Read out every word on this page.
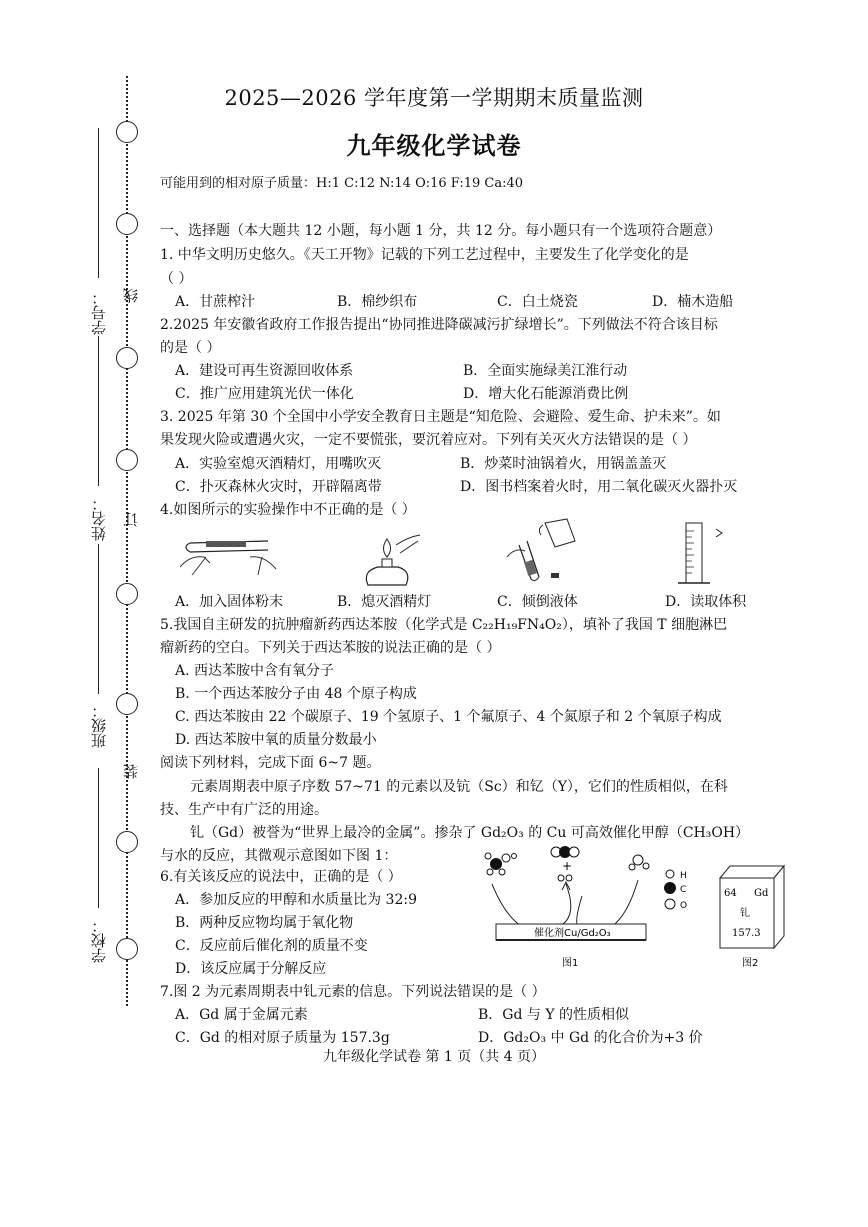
线
订
装
学号：
姓名：
班级：
学校：
2025—2026 学年度第一学期期末质量监测
九年级化学试卷
可能用到的相对原子质量：H:1 C:12 N:14 O:16 F:19 Ca:40
一、选择题（本大题共 12 小题，每小题 1 分，共 12 分。每小题只有一个选项符合题意）
1. 中华文明历史悠久。《天工开物》记载的下列工艺过程中，主要发生了化学变化的是
（ ）
A．甘蔗榨汁	B．棉纱织布	C．白土烧瓷	D．楠木造船
2.2025 年安徽省政府工作报告提出“协同推进降碳减污扩绿增长”。下列做法不符合该目标
的是（ ）
A．建设可再生资源回收体系	B．全面实施绿美江淮行动
C．推广应用建筑光伏一体化	D．增大化石能源消费比例
3. 2025 年第 30 个全国中小学安全教育日主题是“知危险、会避险、爱生命、护未来”。如
果发现火险或遭遇火灾，一定不要慌张，要沉着应对。下列有关灭火方法错误的是（ ）
A．实验室熄灭酒精灯，用嘴吹灭	B．炒菜时油锅着火，用锅盖盖灭
C．扑灭森林火灾时，开辟隔离带	D．图书档案着火时，用二氧化碳灭火器扑灭
4.如图所示的实验操作中不正确的是（ ）
A．加入固体粉末	B．熄灭酒精灯	C．倾倒液体	D．读取体积
5.我国自主研发的抗肿瘤新药西达苯胺（化学式是 C₂₂H₁₉FN₄O₂），填补了我国 T 细胞淋巴
瘤新药的空白。下列关于西达苯胺的说法正确的是（ ）
A. 西达苯胺中含有氧分子
B. 一个西达苯胺分子由 48 个原子构成
C. 西达苯胺由 22 个碳原子、19 个氢原子、1 个氟原子、4 个氮原子和 2 个氧原子构成
D. 西达苯胺中氧的质量分数最小
阅读下列材料，完成下面 6~7 题。
元素周期表中原子序数 57~71 的元素以及钪（Sc）和钇（Y），它们的性质相似，在科
技、生产中有广泛的用途。
钆（Gd）被誉为“世界上最冷的金属”。掺杂了 Gd₂O₃ 的 Cu 可高效催化甲醇（CH₃OH）
与水的反应，其微观示意图如下图 1：
6.有关该反应的说法中，正确的是（ ）
A．参加反应的甲醇和水质量比为 32:9
B．两种反应物均属于氧化物
C．反应前后催化剂的质量不变
D．该反应属于分解反应
+
催化剂Cu/Gd₂O₃
图1
H
C
O
64 Gd
钆
157.3
图2
7.图 2 为元素周期表中钆元素的信息。下列说法错误的是（ ）
A．Gd 属于金属元素	B．Gd 与 Y 的性质相似
C．Gd 的相对原子质量为 157.3g	D．Gd₂O₃ 中 Gd 的化合价为+3 价
九年级化学试卷 第 1 页（共 4 页）
